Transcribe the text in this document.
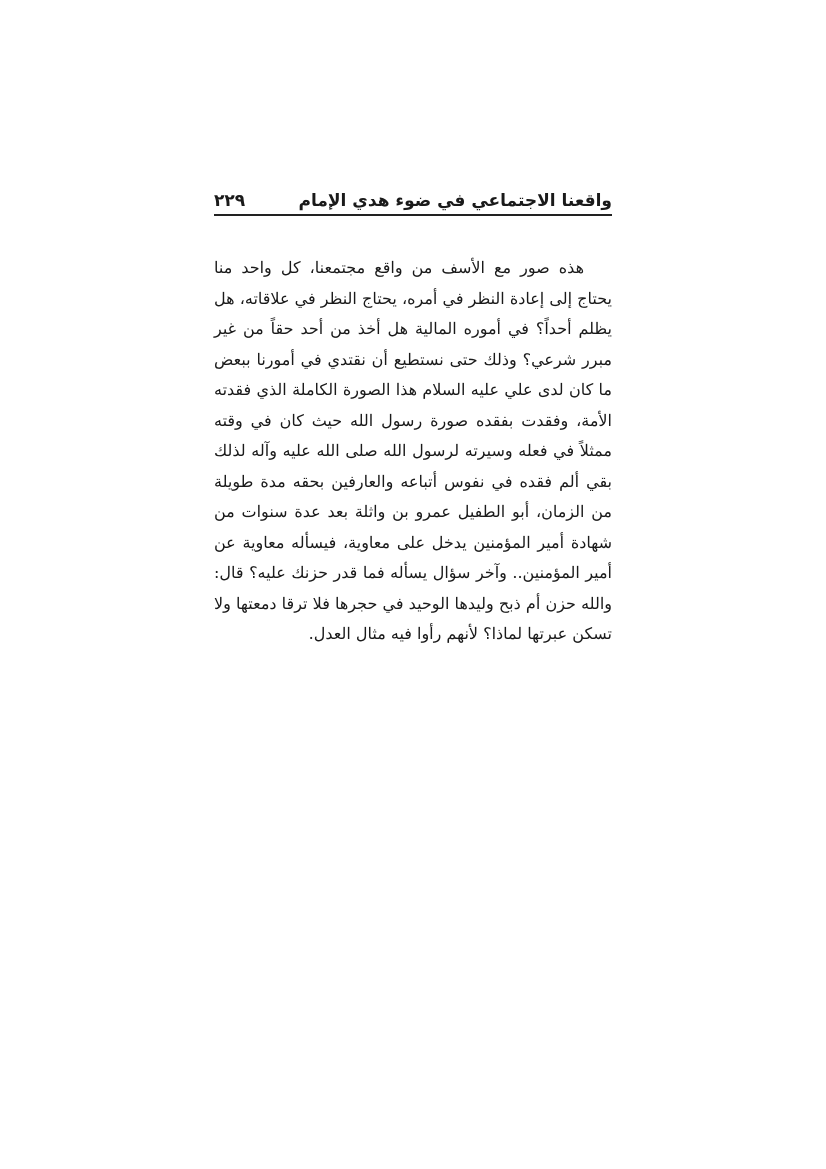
واقعنا الاجتماعي في ضوء هدي الإمام
٢٢٩

هذه صور مع الأسف من واقع مجتمعنا، كل واحد منا يحتاج إلى إعادة النظر في أمره، يحتاج النظر في علاقاته، هل يظلم أحداً؟ في أموره المالية هل أخذ من أحد حقاً من غير مبرر شرعي؟ وذلك حتى نستطيع أن نقتدي في أمورنا ببعض ما كان لدى علي عليه السلام هذا الصورة الكاملة الذي فقدته الأمة، وفقدت بفقده صورة رسول الله حيث كان في وقته ممثلاً في فعله وسيرته لرسول الله صلى الله عليه وآله لذلك بقي ألم فقده في نفوس أتباعه والعارفين بحقه مدة طويلة من الزمان، أبو الطفيل عمرو بن واثلة بعد عدة سنوات من شهادة أمير المؤمنين يدخل على معاوية، فيسأله معاوية عن أمير المؤمنين.. وآخر سؤال يسأله فما قدر حزنك عليه؟ قال: والله حزن أم ذبح وليدها الوحيد في حجرها فلا ترقا دمعتها ولا تسكن عبرتها لماذا؟ لأنهم رأوا فيه مثال العدل.
